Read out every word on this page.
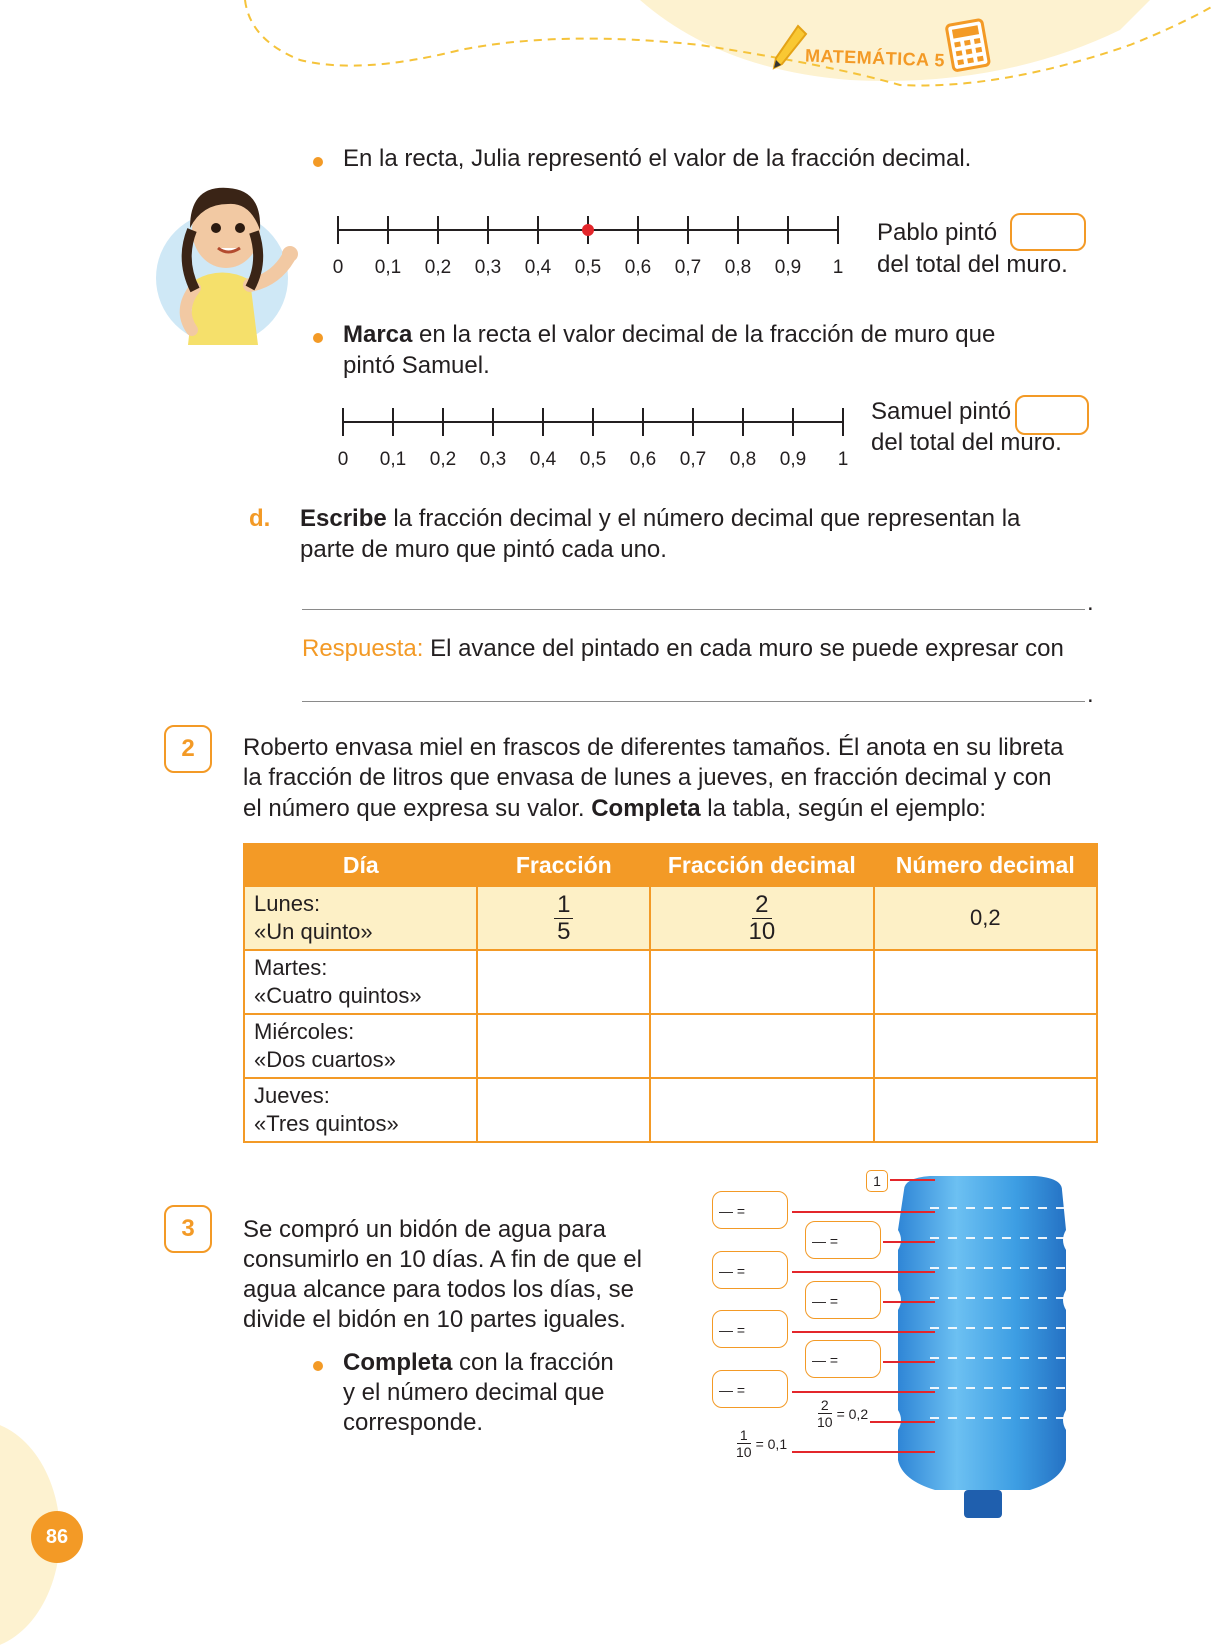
MATEMÁTICA 5
En la recta, Julia representó el valor de la fracción decimal.
0 0,1 0,2 0,3 0,4 0,5 0,6 0,7 0,8 0,9 1
Pablo pintó
del total del muro.
Marca en la recta el valor decimal de la fracción de muro que
pintó Samuel.
0 0,1 0,2 0,3 0,4 0,5 0,6 0,7 0,8 0,9 1
Samuel pintó
del total del muro.
d. Escribe la fracción decimal y el número decimal que representan la
parte de muro que pintó cada uno.
.
Respuesta: El avance del pintado en cada muro se puede expresar con
.
2	Roberto envasa miel en frascos de diferentes tamaños. Él anota en su libreta
la fracción de litros que envasa de lunes a jueves, en fracción decimal y con
el número que expresa su valor. Completa la tabla, según el ejemplo:
Día	Fracción	Fracción decimal	Número decimal
Lunes:
«Un quinto»	$\frac{1}{5}$	$\frac{2}{10}$	0,2
Martes:
«Cuatro quintos»			
Miércoles:
«Dos cuartos»			
Jueves:
«Tres quintos»			
3	Se compró un bidón de agua para
consumirlo en 10 días. A fin de que el
agua alcance para todos los días, se
divide el bidón en 10 partes iguales.
Completa con la fracción
y el número decimal que
corresponde.
1
— =
— =
— =
— =
— =
— =
— =
$\frac{2}{10} = 0,2$
$\frac{1}{10} = 0,1$
86
